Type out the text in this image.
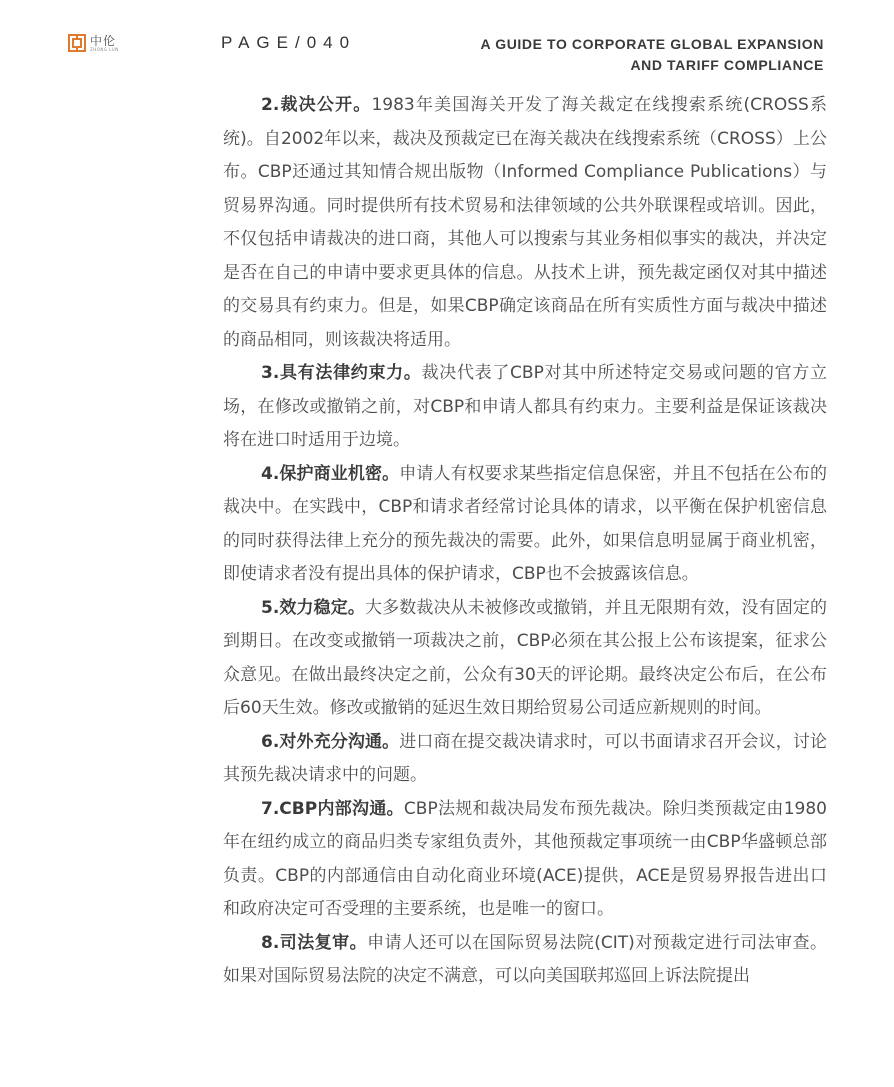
中伦
ZHONG LUN	PAGE/040	A GUIDE TO CORPORATE GLOBAL EXPANSION
AND TARIFF COMPLIANCE

2.裁决公开。1983年美国海关开发了海关裁定在线搜索系统(CROSS系统)。自2002年以来，裁决及预裁定已在海关裁决在线搜索系统（CROSS）上公布。CBP还通过其知情合规出版物（Informed Compliance Publications）与贸易界沟通。同时提供所有技术贸易和法律领域的公共外联课程或培训。因此，不仅包括申请裁决的进口商，其他人可以搜索与其业务相似事实的裁决，并决定是否在自己的申请中要求更具体的信息。从技术上讲，预先裁定函仅对其中描述的交易具有约束力。但是，如果CBP确定该商品在所有实质性方面与裁决中描述的商品相同，则该裁决将适用。

3.具有法律约束力。裁决代表了CBP对其中所述特定交易或问题的官方立场，在修改或撤销之前，对CBP和申请人都具有约束力。主要利益是保证该裁决将在进口时适用于边境。

4.保护商业机密。申请人有权要求某些指定信息保密，并且不包括在公布的裁决中。在实践中，CBP和请求者经常讨论具体的请求，以平衡在保护机密信息的同时获得法律上充分的预先裁决的需要。此外，如果信息明显属于商业机密，即使请求者没有提出具体的保护请求，CBP也不会披露该信息。

5.效力稳定。大多数裁决从未被修改或撤销，并且无限期有效，没有固定的到期日。在改变或撤销一项裁决之前，CBP必须在其公报上公布该提案，征求公众意见。在做出最终决定之前，公众有30天的评论期。最终决定公布后，在公布后60天生效。修改或撤销的延迟生效日期给贸易公司适应新规则的时间。

6.对外充分沟通。进口商在提交裁决请求时，可以书面请求召开会议，讨论其预先裁决请求中的问题。

7.CBP内部沟通。CBP法规和裁决局发布预先裁决。除归类预裁定由1980年在纽约成立的商品归类专家组负责外，其他预裁定事项统一由CBP华盛顿总部负责。CBP的内部通信由自动化商业环境(ACE)提供，ACE是贸易界报告进出口和政府决定可否受理的主要系统，也是唯一的窗口。

8.司法复审。申请人还可以在国际贸易法院(CIT)对预裁定进行司法审查。如果对国际贸易法院的决定不满意，可以向美国联邦巡回上诉法院提出
